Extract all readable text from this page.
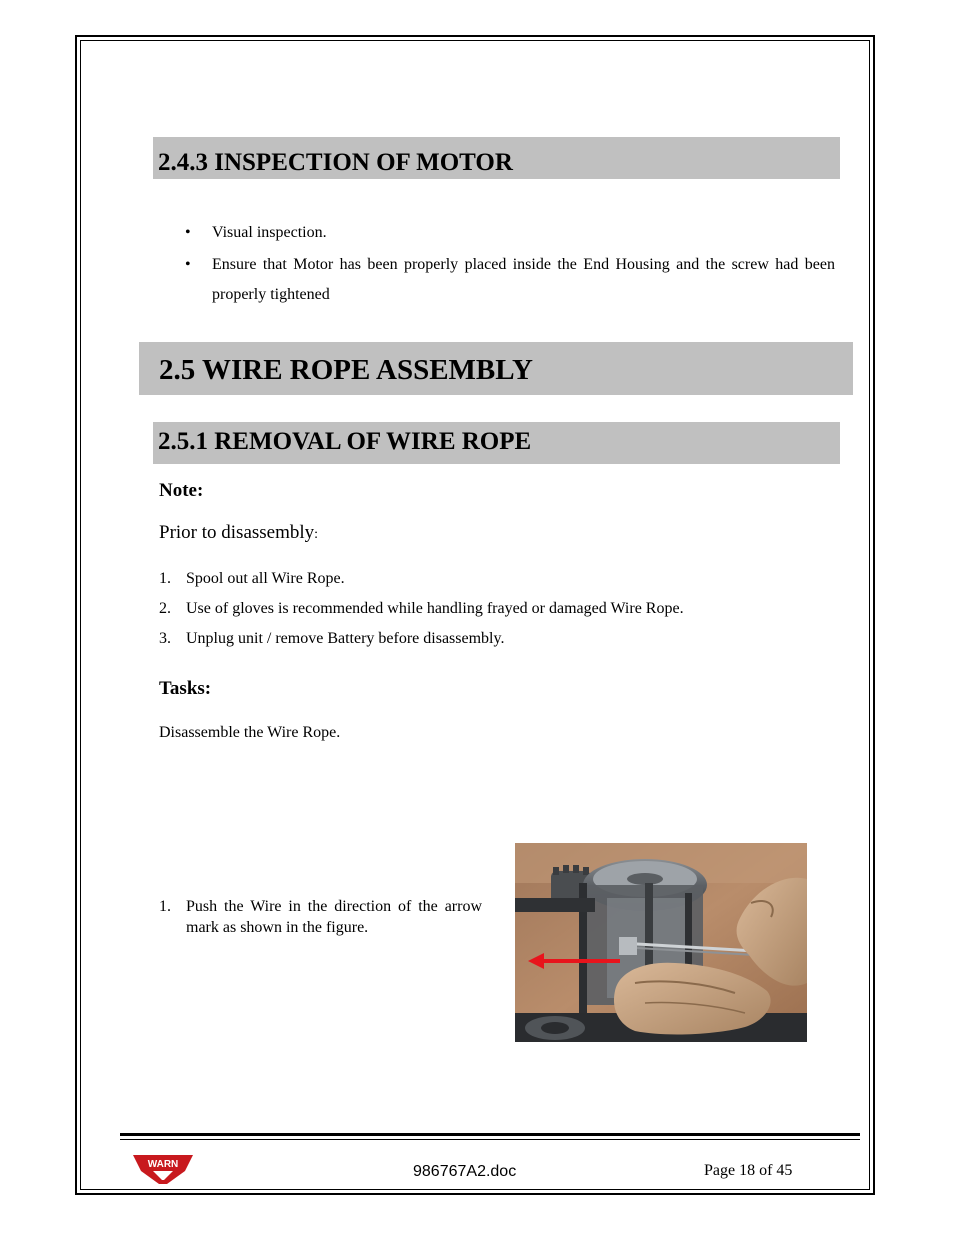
2.4.3 INSPECTION OF MOTOR
• Visual inspection.
• Ensure that Motor has been properly placed inside the End Housing and the screw had been properly tightened
2.5 WIRE ROPE ASSEMBLY
2.5.1 REMOVAL OF WIRE ROPE
Note:
Prior to disassembly:
1. Spool out all Wire Rope.
2. Use of gloves is recommended while handling frayed or damaged Wire Rope.
3. Unplug unit / remove Battery before disassembly.
Tasks:
Disassemble the Wire Rope.
1. Push the Wire in the direction of the arrow mark as shown in the figure.
WARN	986767A2.doc	Page 18 of 45
